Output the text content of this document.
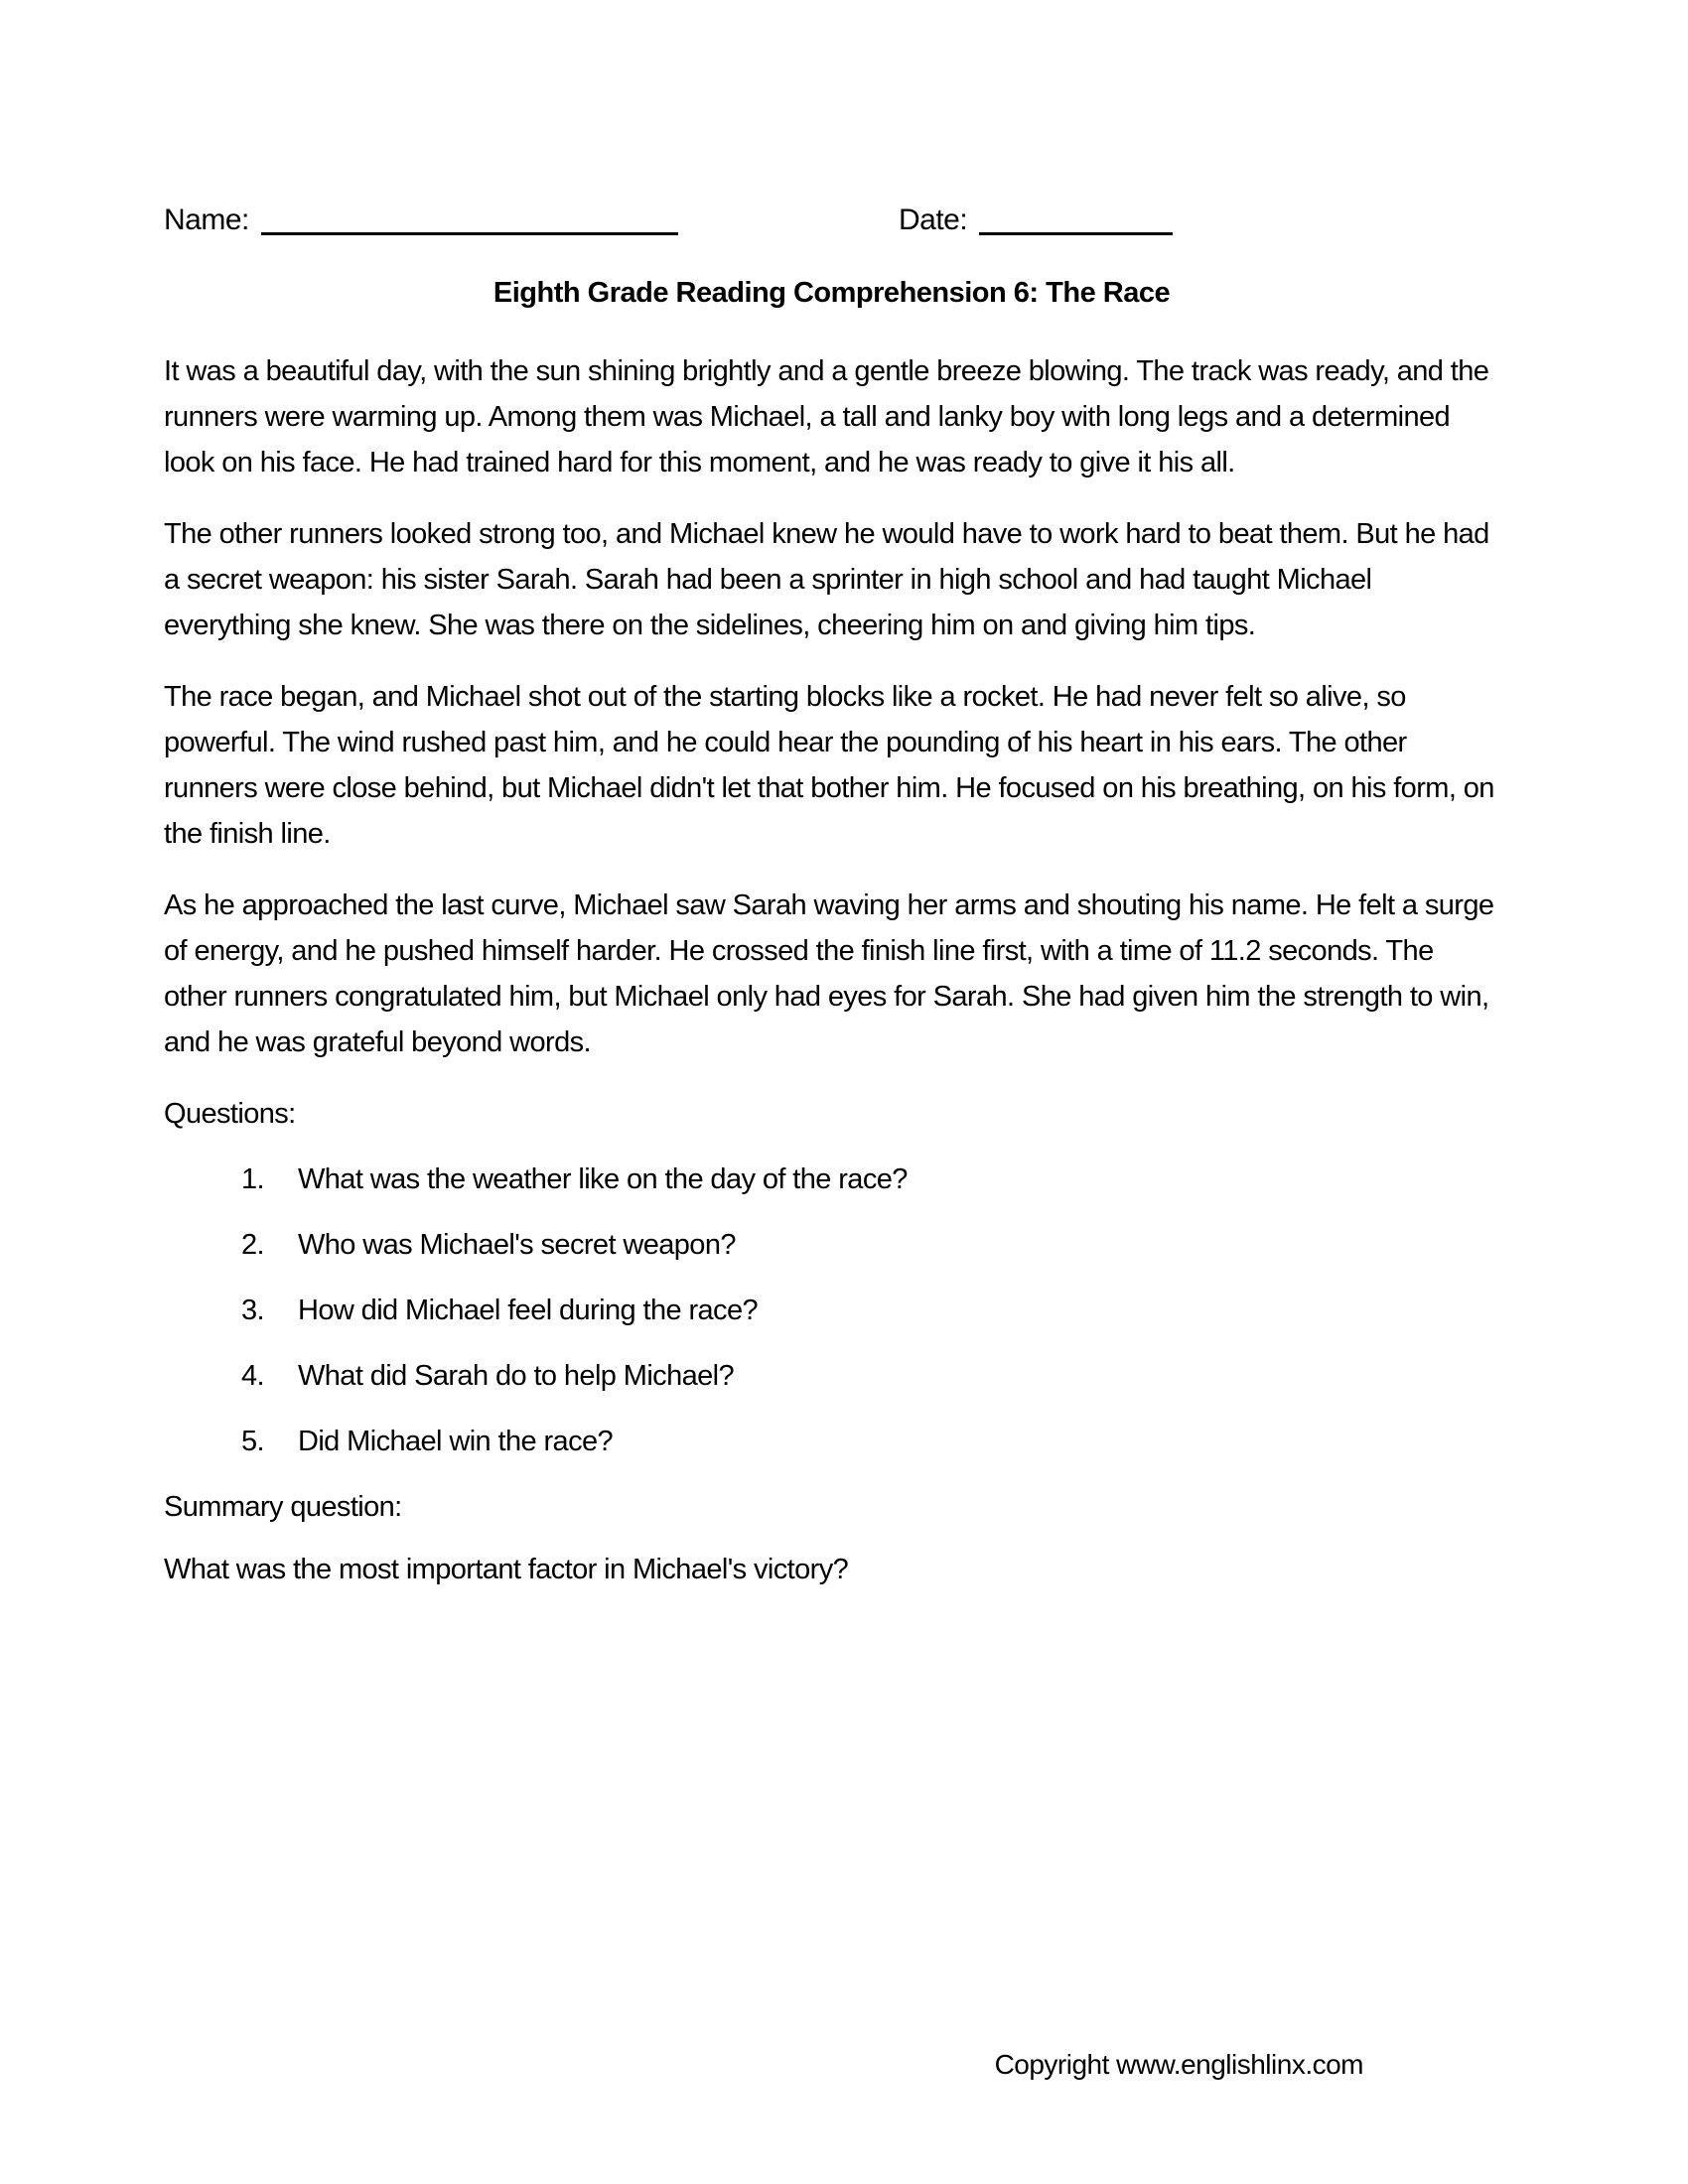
Name:	Date:
Eighth Grade Reading Comprehension 6: The Race

It was a beautiful day, with the sun shining brightly and a gentle breeze blowing. The track was ready, and the runners were warming up. Among them was Michael, a tall and lanky boy with long legs and a determined look on his face. He had trained hard for this moment, and he was ready to give it his all.

The other runners looked strong too, and Michael knew he would have to work hard to beat them. But he had a secret weapon: his sister Sarah. Sarah had been a sprinter in high school and had taught Michael everything she knew. She was there on the sidelines, cheering him on and giving him tips.

The race began, and Michael shot out of the starting blocks like a rocket. He had never felt so alive, so powerful. The wind rushed past him, and he could hear the pounding of his heart in his ears. The other runners were close behind, but Michael didn't let that bother him. He focused on his breathing, on his form, on the finish line.

As he approached the last curve, Michael saw Sarah waving her arms and shouting his name. He felt a surge of energy, and he pushed himself harder. He crossed the finish line first, with a time of 11.2 seconds. The other runners congratulated him, but Michael only had eyes for Sarah. She had given him the strength to win, and he was grateful beyond words.

Questions:
1.	What was the weather like on the day of the race?
2.	Who was Michael's secret weapon?
3.	How did Michael feel during the race?
4.	What did Sarah do to help Michael?
5.	Did Michael win the race?
Summary question:

What was the most important factor in Michael's victory?

Copyright www.englishlinx.com
